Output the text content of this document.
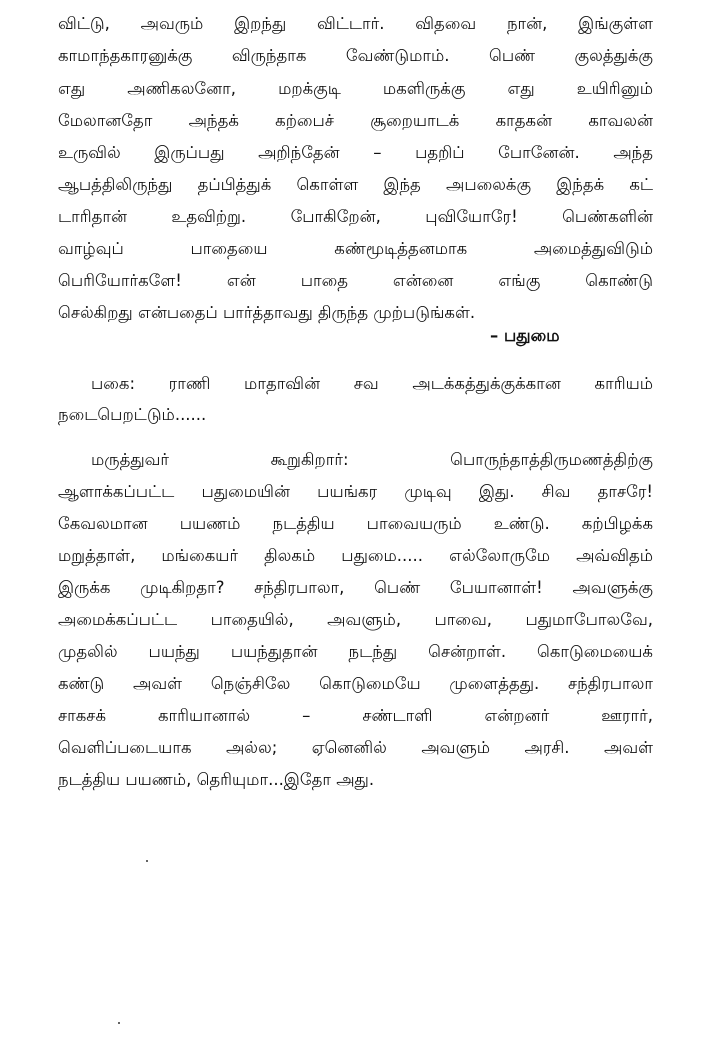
விட்டு, அவரும் இறந்து விட்டார். விதவை நான், இங்குள்ள
காமாந்தகாரனுக்கு விருந்தாக வேண்டுமாம். பெண் குலத்துக்கு
எது அணிகலனோ, மறக்குடி மகளிருக்கு எது உயிரினும்
மேலானதோ அந்தக் கற்பைச் சூறையாடக் காதகன் காவலன்
உருவில் இருப்பது அறிந்தேன் – பதறிப் போனேன். அந்த
ஆபத்திலிருந்து தப்பித்துக் கொள்ள இந்த அபலைக்கு இந்தக் கட்
டாரிதான் உதவிற்று. போகிறேன், புவியோரே! பெண்களின்
வாழ்வுப் பாதையை கண்மூடித்தனமாக அமைத்துவிடும்
பெரியோர்களே! என் பாதை என்னை எங்கு கொண்டு
செல்கிறது என்பதைப் பார்த்தாவது திருந்த முற்படுங்கள்.
– பதுமை
பகை: ராணி மாதாவின் சவ அடக்கத்துக்குக்கான காரியம்
நடைபெறட்டும்......
மருத்துவர் கூறுகிறார்: பொருந்தாத்திருமணத்திற்கு
ஆளாக்கப்பட்ட பதுமையின் பயங்கர முடிவு இது. சிவ தாசரே!
கேவலமான பயணம் நடத்திய பாவையரும் உண்டு. கற்பிழக்க
மறுத்தாள், மங்கையர் திலகம் பதுமை..... எல்லோருமே அவ்விதம்
இருக்க முடிகிறதா? சந்திரபாலா, பெண் பேயானாள்! அவளுக்கு
அமைக்கப்பட்ட பாதையில், அவளும், பாவை, பதுமாபோலவே,
முதலில் பயந்து பயந்துதான் நடந்து சென்றாள். கொடுமையைக்
கண்டு அவள் நெஞ்சிலே கொடுமையே முளைத்தது. சந்திரபாலா
சாகசக் காரியானால் – சண்டாளி என்றனர் ஊரார்,
வெளிப்படையாக அல்ல; ஏனெனில் அவளும் அரசி. அவள்
நடத்திய பயணம், தெரியுமா...இதோ அது.
